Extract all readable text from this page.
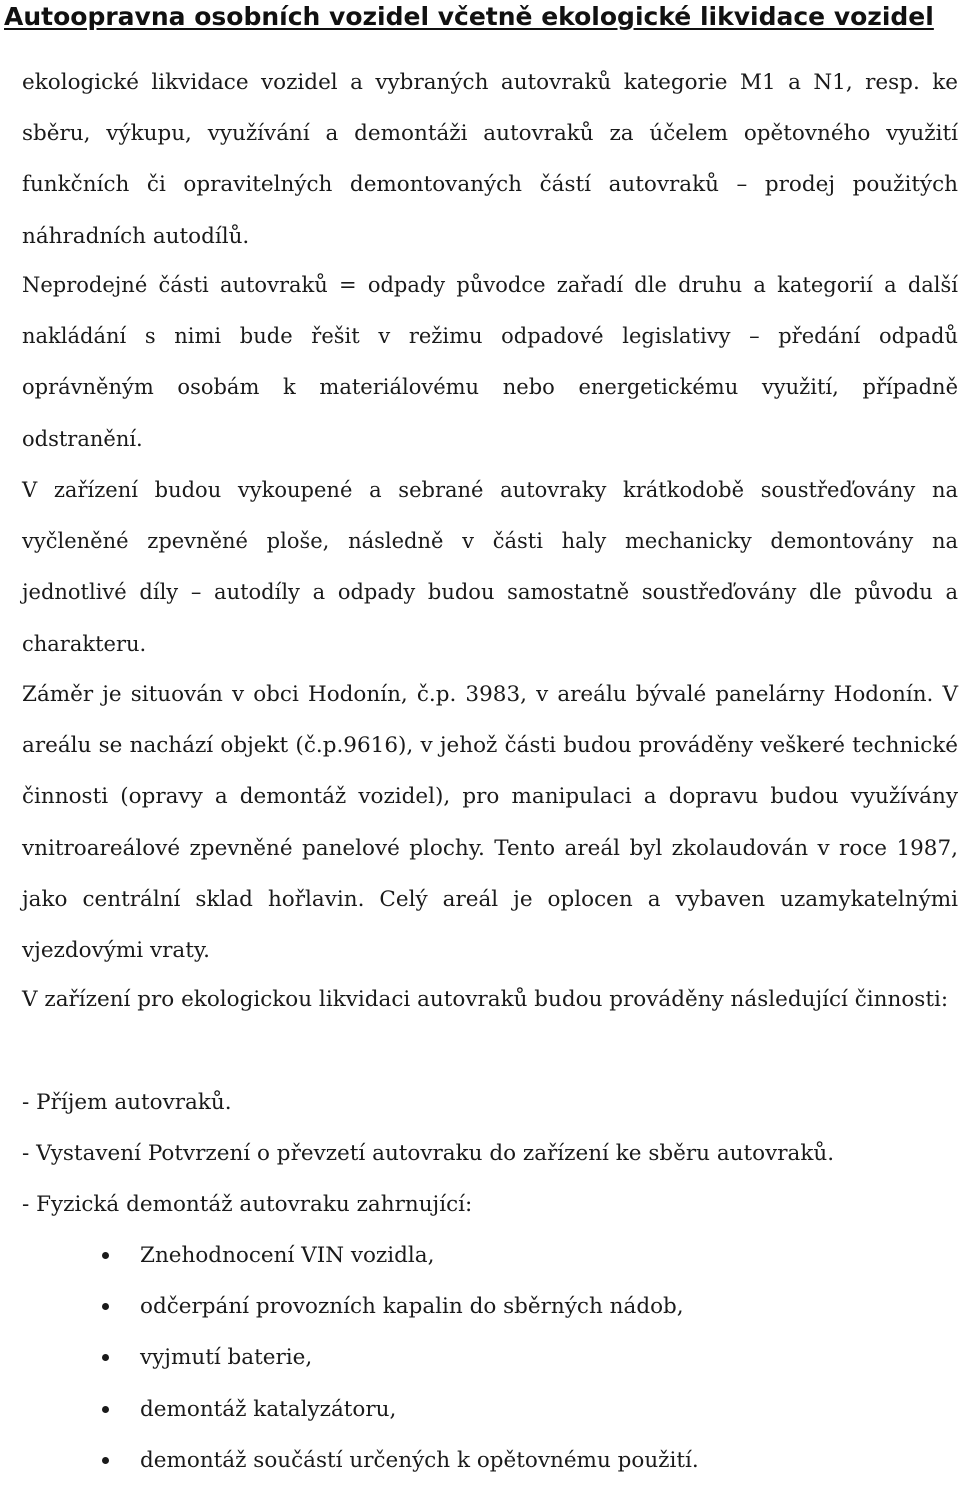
Autoopravna osobních vozidel včetně ekologické likvidace vozidel

ekologické likvidace vozidel a vybraných autovraků kategorie M1 a N1, resp. ke sběru, výkupu, využívání a demontáži autovraků za účelem opětovného využití funkčních či opravitelných demontovaných částí autovraků – prodej použitých náhradních autodílů.

Neprodejné části autovraků = odpady původce zařadí dle druhu a kategorií a další nakládání s nimi bude řešit v režimu odpadové legislativy – předání odpadů oprávněným osobám k materiálovému nebo energetickému využití, případně odstranění.

V zařízení budou vykoupené a sebrané autovraky krátkodobě soustřeďovány na vyčleněné zpevněné ploše, následně v části haly mechanicky demontovány na jednotlivé díly – autodíly a odpady budou samostatně soustřeďovány dle původu a charakteru.

Záměr je situován v obci Hodonín, č.p. 3983, v areálu bývalé panelárny Hodonín. V areálu se nachází objekt (č.p.9616), v jehož části budou prováděny veškeré technické činnosti (opravy a demontáž vozidel), pro manipulaci a dopravu budou využívány vnitroareálové zpevněné panelové plochy. Tento areál byl zkolaudován v roce 1987, jako centrální sklad hořlavin. Celý areál je oplocen a vybaven uzamykatelnými vjezdovými vraty.

V zařízení pro ekologickou likvidaci autovraků budou prováděny následující činnosti:

- Příjem autovraků.

- Vystavení Potvrzení o převzetí autovraku do zařízení ke sběru autovraků.

- Fyzická demontáž autovraku zahrnující:

Znehodnocení VIN vozidla,
odčerpání provozních kapalin do sběrných nádob,
vyjmutí baterie,
demontáž katalyzátoru,
demontáž součástí určených k opětovnému použití.
